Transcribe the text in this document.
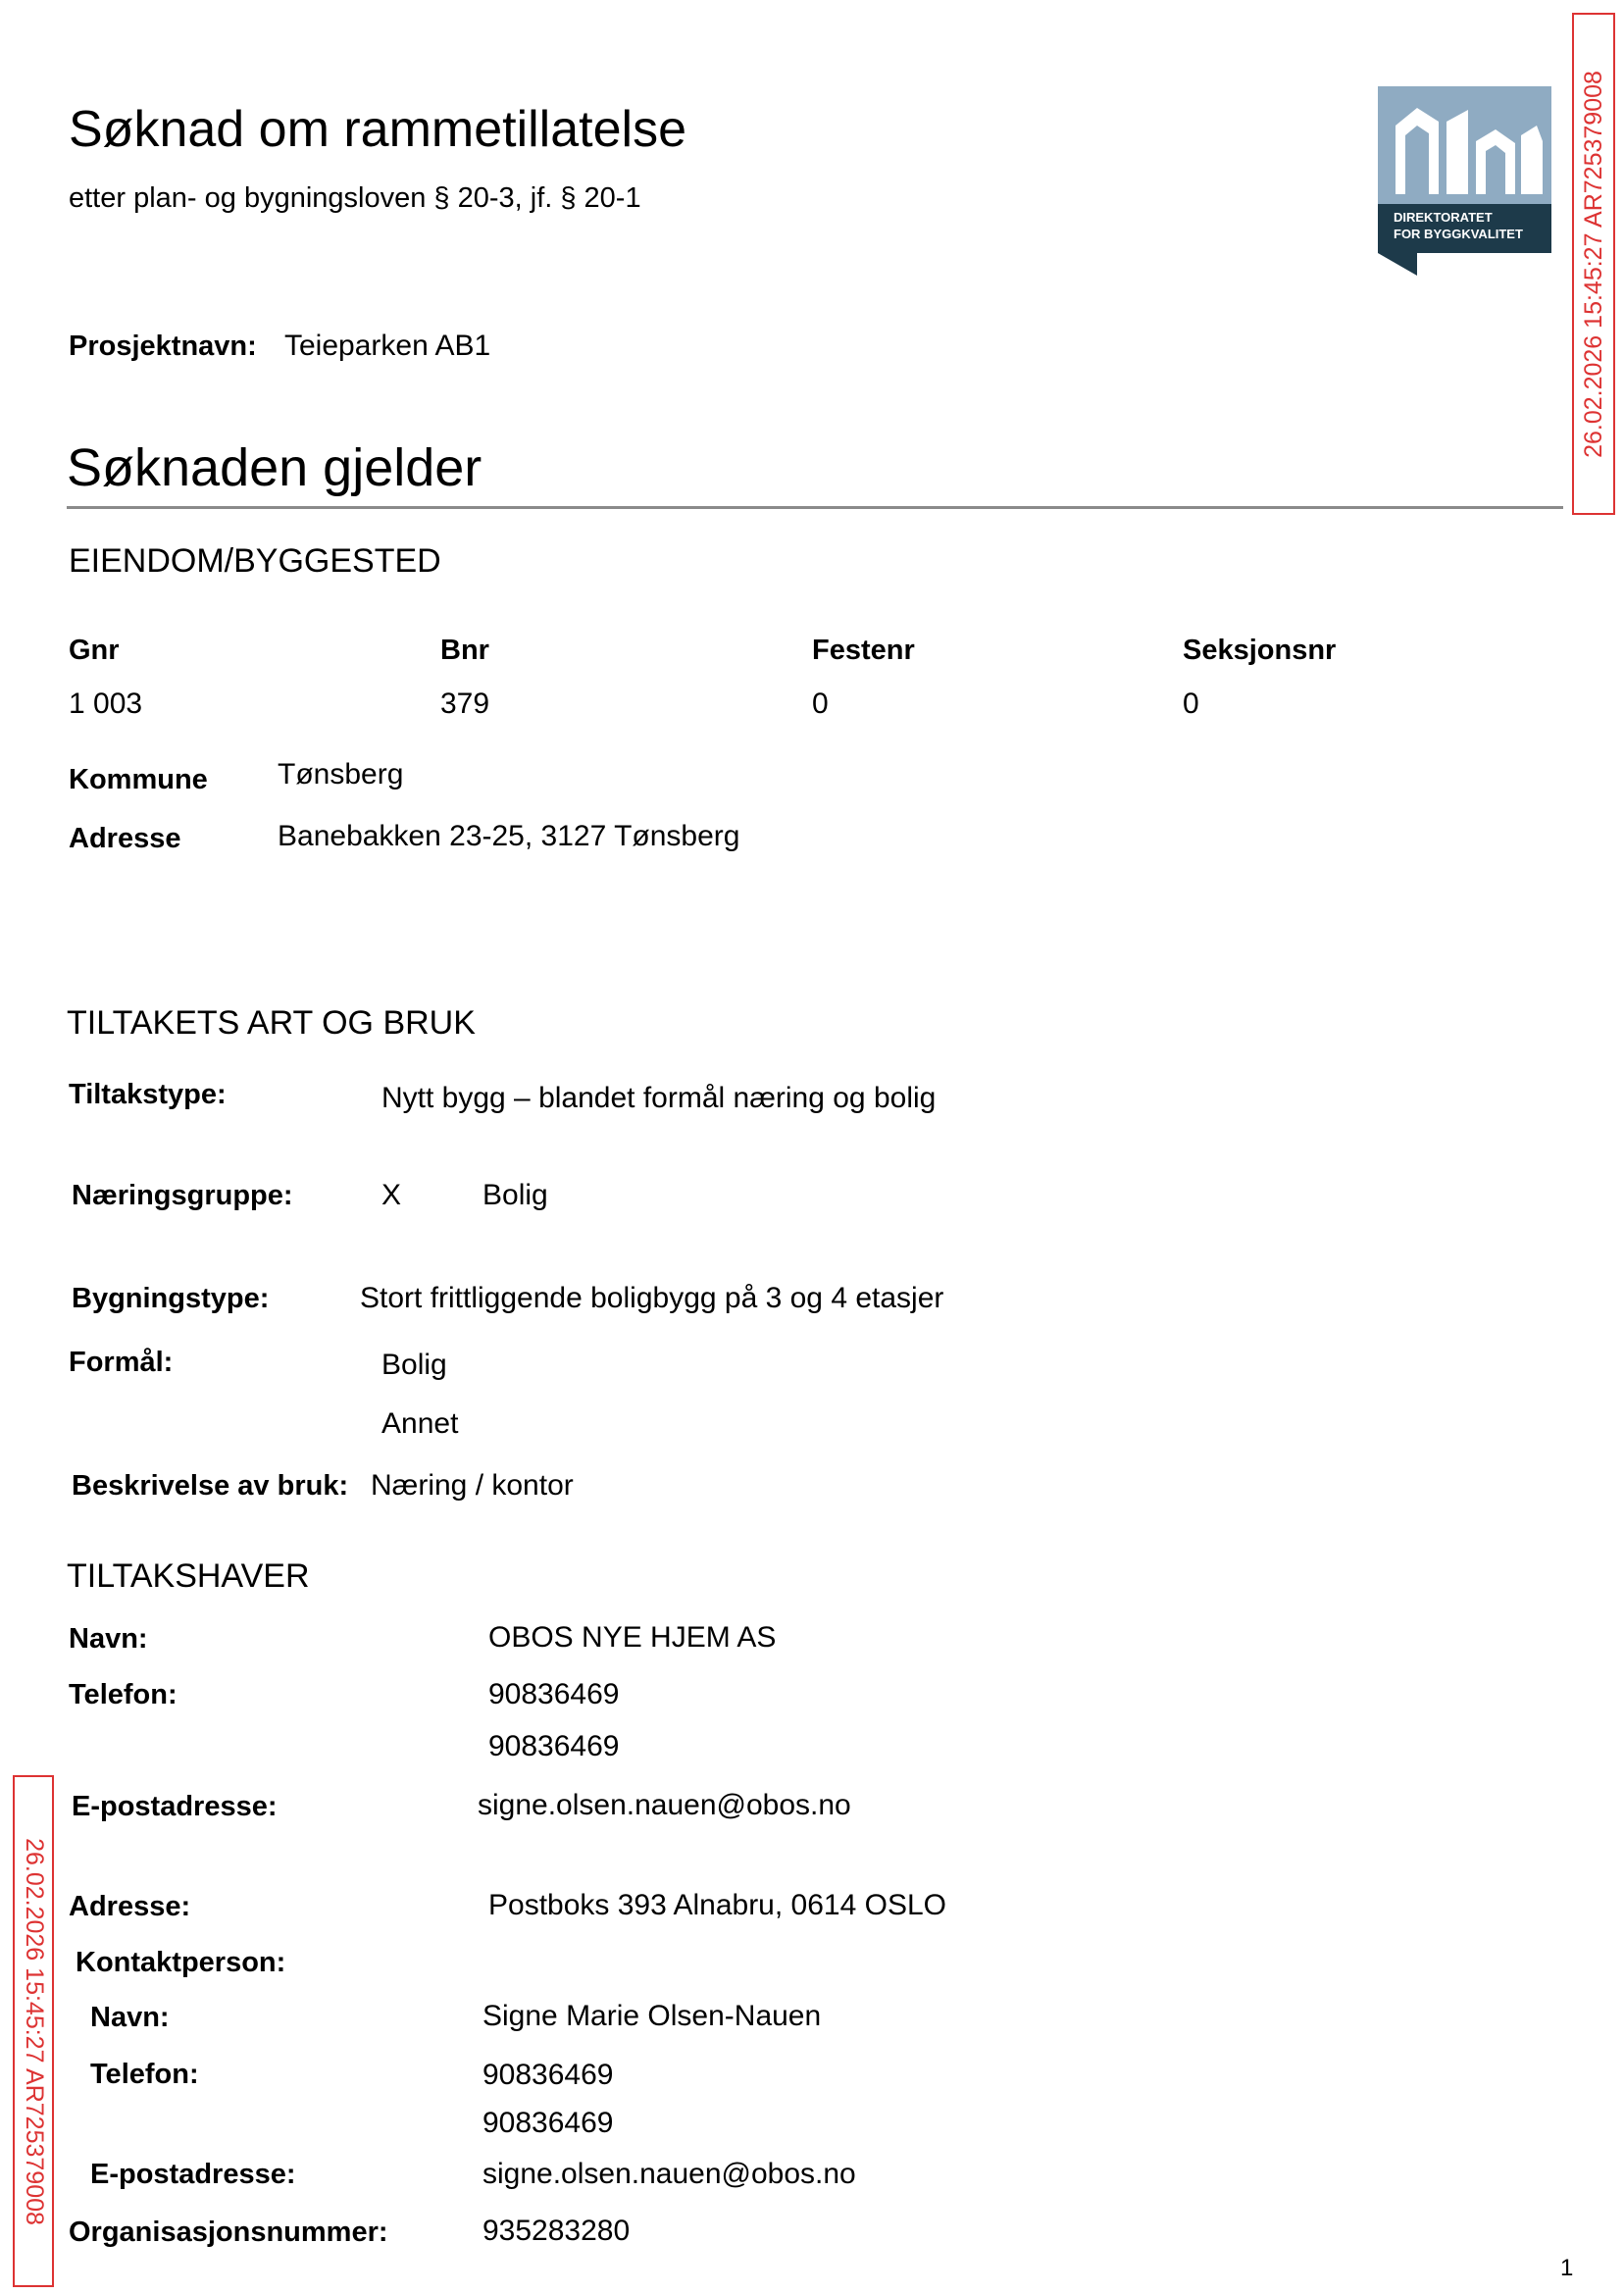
Søknad om rammetillatelse
etter plan- og bygningsloven § 20-3, jf. § 20-1
DIREKTORATET
FOR BYGGKVALITET 26.02.2026 15:45:27 AR725379008
26.02.2026 15:45:27 AR725379008
Prosjektnavn: Teieparken AB1
Søknaden gjelder
EIENDOM/BYGGESTED
Gnr	Bnr	Festenr	Seksjonsnr
1 003	379	0	0
Kommune Tønsberg
Adresse	Banebakken 23-25, 3127 Tønsberg
TILTAKETS ART OG BRUK
Tiltakstype:	Nytt bygg – blandet formål næring og bolig
Næringsgruppe:	X	Bolig
Bygningstype:	Stort frittliggende boligbygg på 3 og 4 etasjer
Formål:	Bolig
Annet
Beskrivelse av bruk: Næring / kontor
TILTAKSHAVER
Navn:	OBOS NYE HJEM AS
Telefon:	90836469
90836469
E-postadresse:	signe.olsen.nauen@obos.no
Adresse:	Postboks 393 Alnabru, 0614 OSLO
Kontaktperson:
Navn:	Signe Marie Olsen-Nauen
Telefon:	90836469
90836469
E-postadresse:	signe.olsen.nauen@obos.no
Organisasjonsnummer:	935283280
1
